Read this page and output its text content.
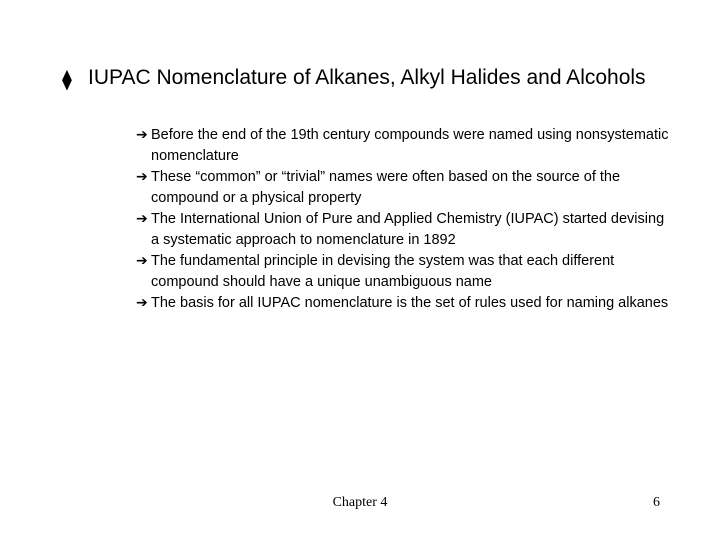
⧫ IUPAC Nomenclature of Alkanes, Alkyl Halides and Alcohols
➔ Before the end of the 19th century compounds were named using nonsystematic nomenclature
➔ These “common” or “trivial” names were often based on the source of the compound or a physical property
➔ The International Union of Pure and Applied Chemistry (IUPAC) started devising a systematic approach to nomenclature in 1892
➔ The fundamental principle in devising the system was that each different compound should have a unique unambiguous name
➔ The basis for all IUPAC nomenclature is the set of rules used for naming alkanes
Chapter 4	6
